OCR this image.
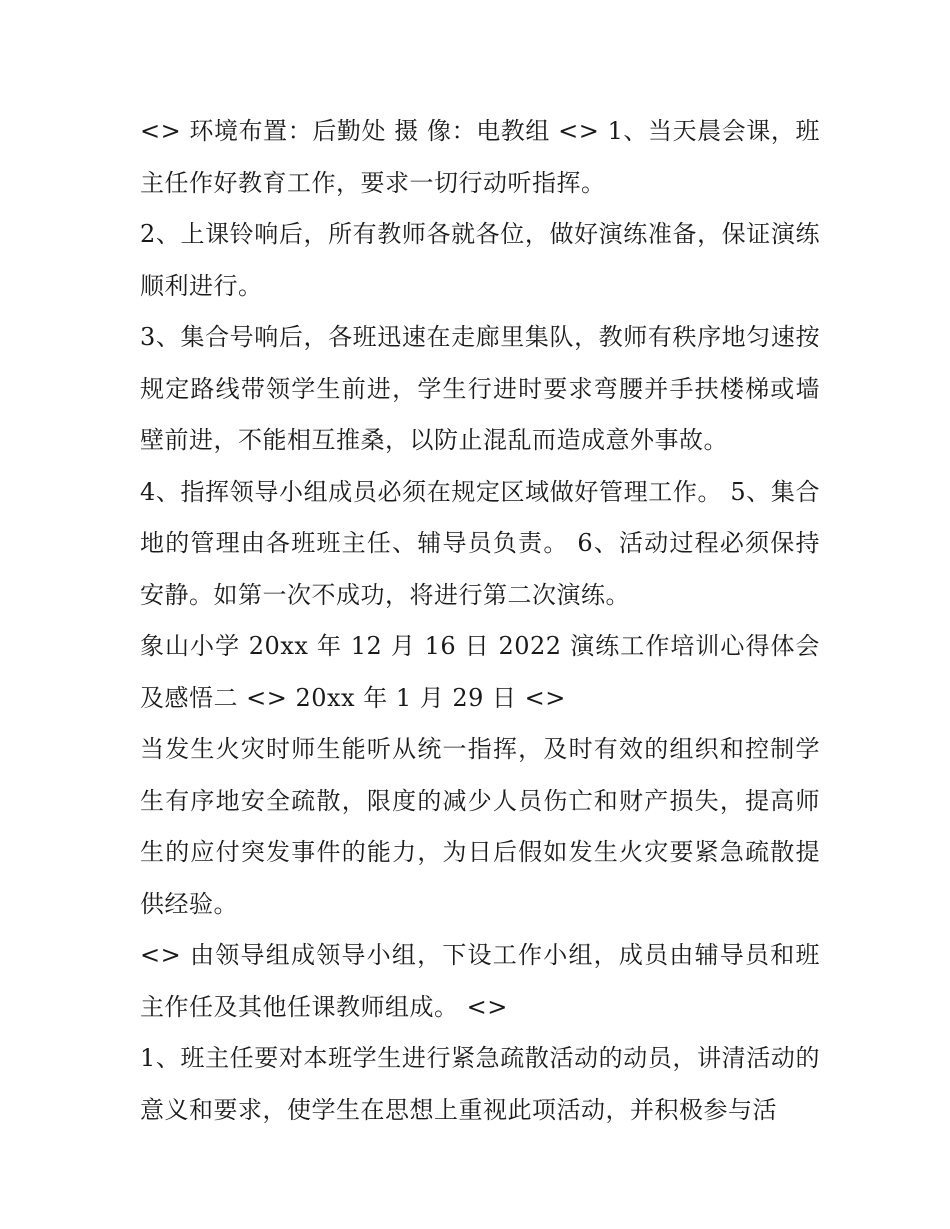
<> 环境布置：后勤处 摄 像：电教组 <> 1、当天晨会课，班主任作好教育工作，要求一切行动听指挥。

2、上课铃响后，所有教师各就各位，做好演练准备，保证演练顺利进行。

3、集合号响后，各班迅速在走廊里集队，教师有秩序地匀速按规定路线带领学生前进，学生行进时要求弯腰并手扶楼梯或墙壁前进，不能相互推桑，以防止混乱而造成意外事故。

4、指挥领导小组成员必须在规定区域做好管理工作。 5、集合地的管理由各班班主任、辅导员负责。 6、活动过程必须保持安静。如第一次不成功，将进行第二次演练。

象山小学 20xx 年 12 月 16 日 2022 演练工作培训心得体会及感悟二 <> 20xx 年 1 月 29 日 <>

当发生火灾时师生能听从统一指挥，及时有效的组织和控制学生有序地安全疏散，限度的减少人员伤亡和财产损失，提高师生的应付突发事件的能力，为日后假如发生火灾要紧急疏散提供经验。

<> 由领导组成领导小组，下设工作小组，成员由辅导员和班主作任及其他任课教师组成。 <>

1、班主任要对本班学生进行紧急疏散活动的动员，讲清活动的意义和要求，使学生在思想上重视此项活动，并积极参与活
